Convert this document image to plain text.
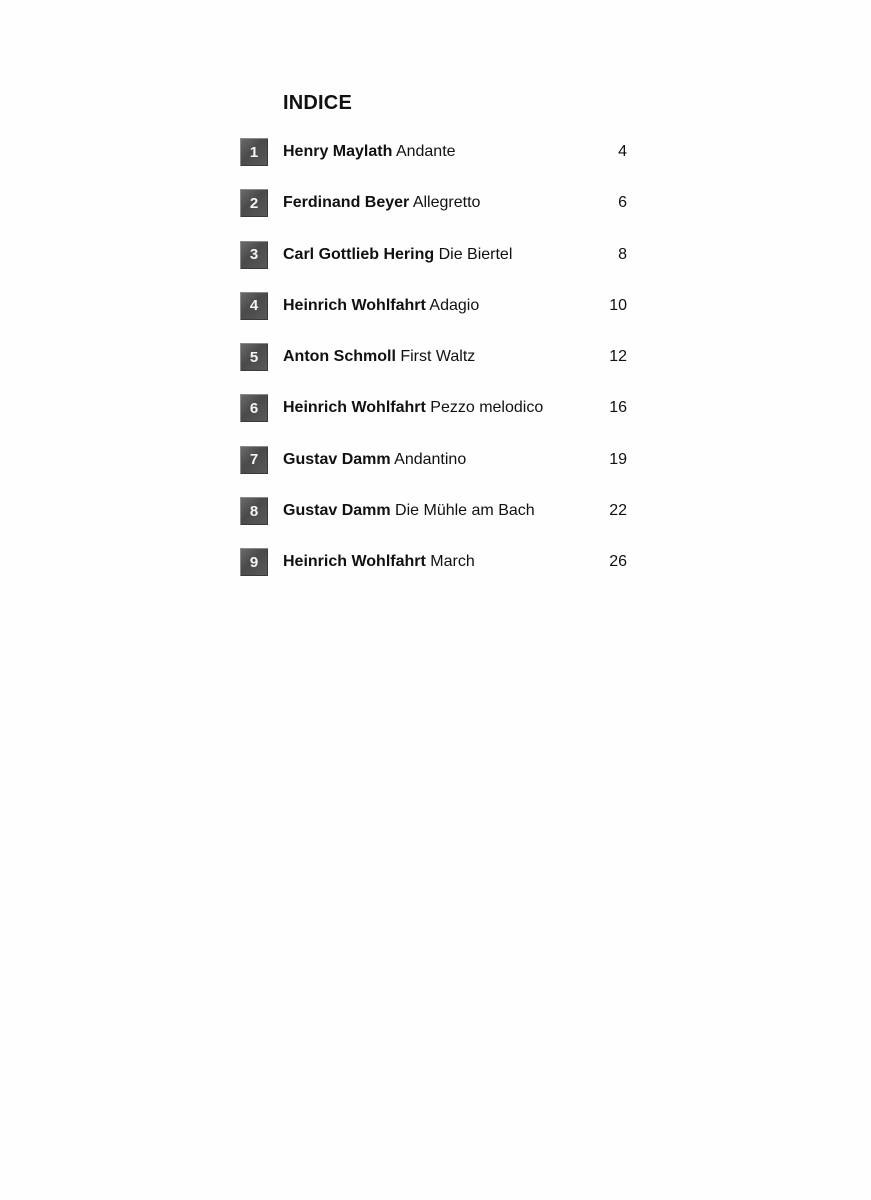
INDICE
1 Henry Maylath Andante	4
2 Ferdinand Beyer Allegretto	6
3 Carl Gottlieb Hering Die Biertel	8
4 Heinrich Wohlfahrt Adagio	10
5 Anton Schmoll First Waltz	12
6 Heinrich Wohlfahrt Pezzo melodico	16
7 Gustav Damm Andantino	19
8 Gustav Damm Die Mühle am Bach	22
9 Heinrich Wohlfahrt March	26
